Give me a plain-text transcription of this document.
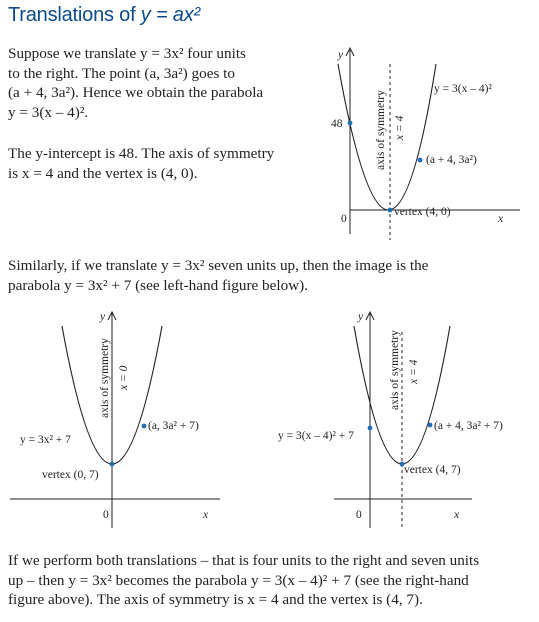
Translations of y = ax²
Suppose we translate y = 3x² four units
to the right. The point (a, 3a²) goes to
(a + 4, 3a²). Hence we obtain the parabola
y = 3(x – 4)².
The y-intercept is 48. The axis of symmetry
is x = 4 and the vertex is (4, 0).
y
x
0
48	axis of symmetry x = 4
y = 3(x – 4)²
(a + 4, 3a²)
vertex (4, 0)
Similarly, if we translate y = 3x² seven units up, then the image is the
parabola y = 3x² + 7 (see left-hand figure below).
y
x
0
axis of symmetry x = 0
(a, 3a² + 7)
y = 3x² + 7
vertex (0, 7)
y
x
0
axis of symmetry x = 4
(a + 4, 3a² + 7)
y = 3(x – 4)² + 7
vertex (4, 7)
If we perform both translations – that is four units to the right and seven units
up – then y = 3x² becomes the parabola y = 3(x – 4)² + 7 (see the right-hand
figure above). The axis of symmetry is x = 4 and the vertex is (4, 7).
